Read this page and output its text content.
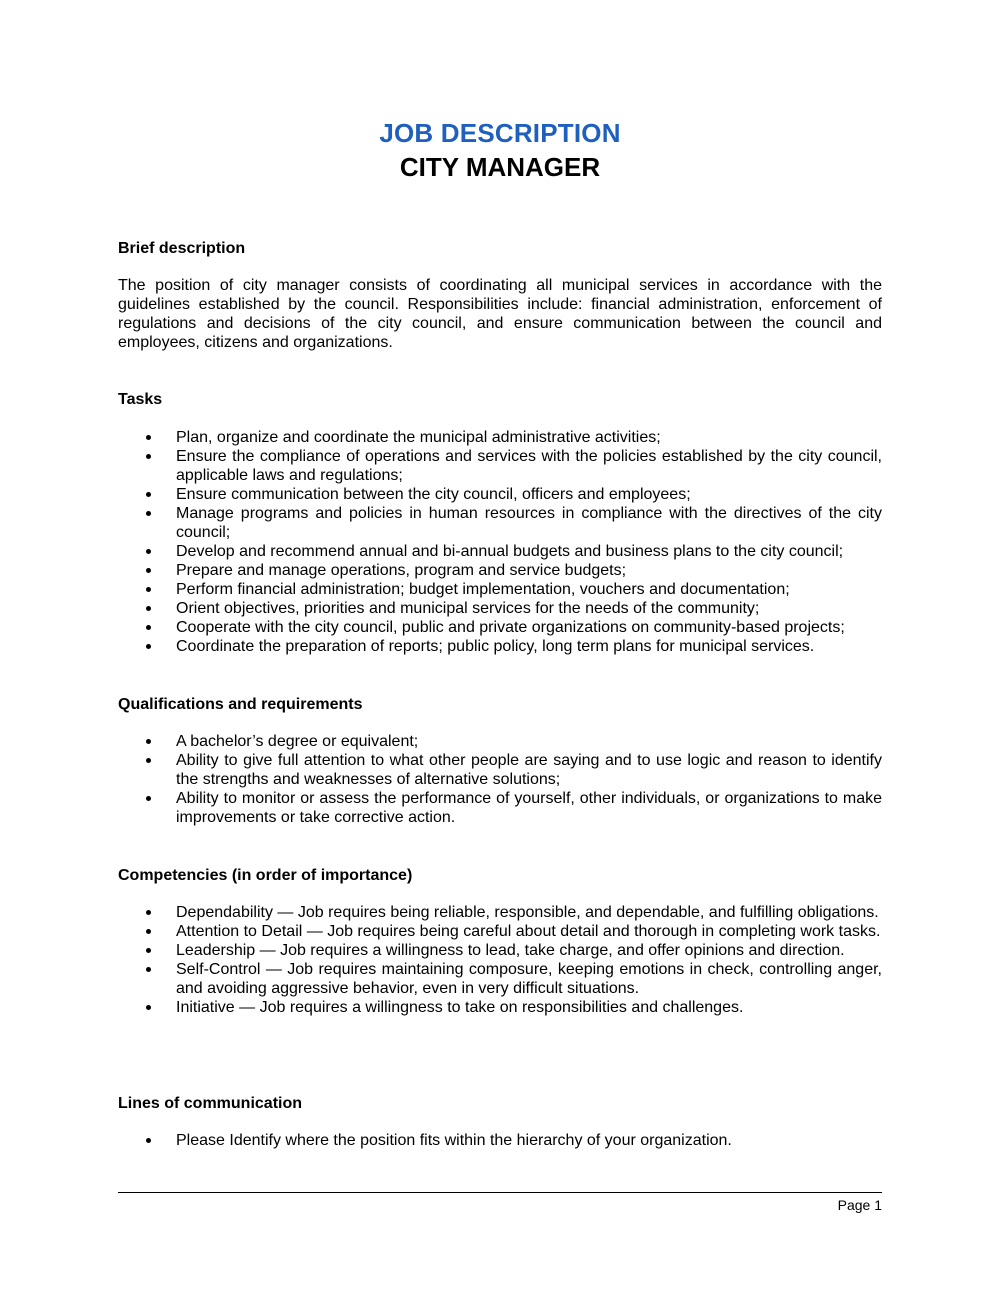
JOB DESCRIPTION
CITY MANAGER
Brief description
The position of city manager consists of coordinating all municipal services in accordance with the guidelines established by the council. Responsibilities include: financial administration, enforcement of regulations and decisions of the city council, and ensure communication between the council and employees, citizens and organizations.
Tasks
Plan, organize and coordinate the municipal administrative activities;
Ensure the compliance of operations and services with the policies established by the city council, applicable laws and regulations;
Ensure communication between the city council, officers and employees;
Manage programs and policies in human resources in compliance with the directives of the city council;
Develop and recommend annual and bi-annual budgets and business plans to the city council;
Prepare and manage operations, program and service budgets;
Perform financial administration; budget implementation, vouchers and documentation;
Orient objectives, priorities and municipal services for the needs of the community;
Cooperate with the city council, public and private organizations on community-based projects;
Coordinate the preparation of reports; public policy, long term plans for municipal services.
Qualifications and requirements
A bachelor’s degree or equivalent;
Ability to give full attention to what other people are saying and to use logic and reason to identify the strengths and weaknesses of alternative solutions;
Ability to monitor or assess the performance of yourself, other individuals, or organizations to make improvements or take corrective action.
Competencies (in order of importance)
Dependability — Job requires being reliable, responsible, and dependable, and fulfilling obligations.
Attention to Detail — Job requires being careful about detail and thorough in completing work tasks.
Leadership — Job requires a willingness to lead, take charge, and offer opinions and direction.
Self-Control — Job requires maintaining composure, keeping emotions in check, controlling anger, and avoiding aggressive behavior, even in very difficult situations.
Initiative — Job requires a willingness to take on responsibilities and challenges.
Lines of communication
Please Identify where the position fits within the hierarchy of your organization.
Page 1
